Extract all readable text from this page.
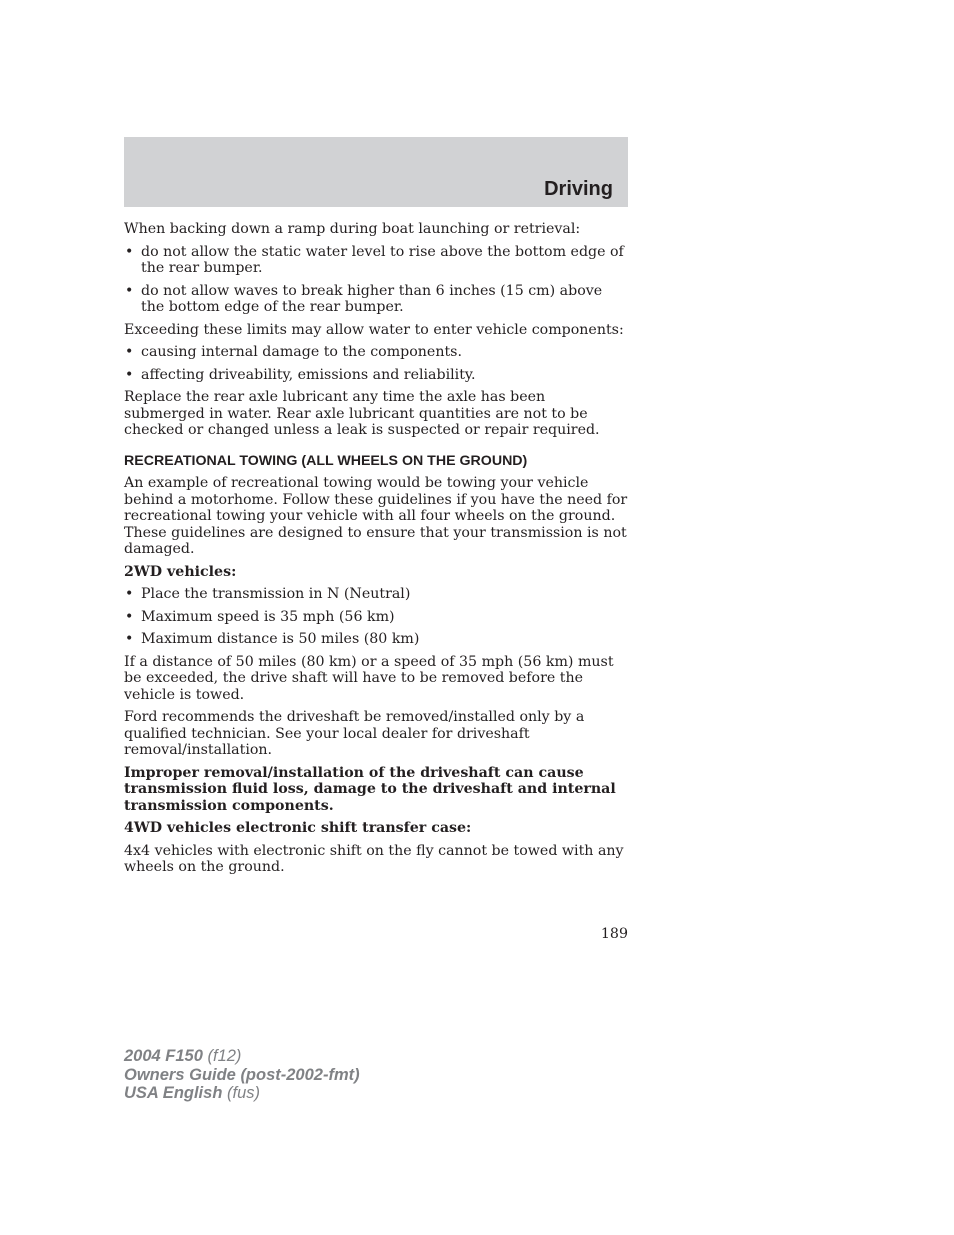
Driving

When backing down a ramp during boat launching or retrieval:

• do not allow the static water level to rise above the bottom edge of the rear bumper.
• do not allow waves to break higher than 6 inches (15 cm) above the bottom edge of the rear bumper.

Exceeding these limits may allow water to enter vehicle components:

• causing internal damage to the components.
• affecting driveability, emissions and reliability.

Replace the rear axle lubricant any time the axle has been submerged in water. Rear axle lubricant quantities are not to be checked or changed unless a leak is suspected or repair required.

RECREATIONAL TOWING (ALL WHEELS ON THE GROUND)

An example of recreational towing would be towing your vehicle behind a motorhome. Follow these guidelines if you have the need for recreational towing your vehicle with all four wheels on the ground. These guidelines are designed to ensure that your transmission is not damaged.

2WD vehicles:

• Place the transmission in N (Neutral)
• Maximum speed is 35 mph (56 km)
• Maximum distance is 50 miles (80 km)

If a distance of 50 miles (80 km) or a speed of 35 mph (56 km) must be exceeded, the drive shaft will have to be removed before the vehicle is towed.

Ford recommends the driveshaft be removed/installed only by a qualified technician. See your local dealer for driveshaft removal/installation.

Improper removal/installation of the driveshaft can cause transmission fluid loss, damage to the driveshaft and internal transmission components.

4WD vehicles electronic shift transfer case:

4x4 vehicles with electronic shift on the fly cannot be towed with any wheels on the ground.

189
2004 F150 (f12)
Owners Guide (post-2002-fmt)
USA English (fus)
